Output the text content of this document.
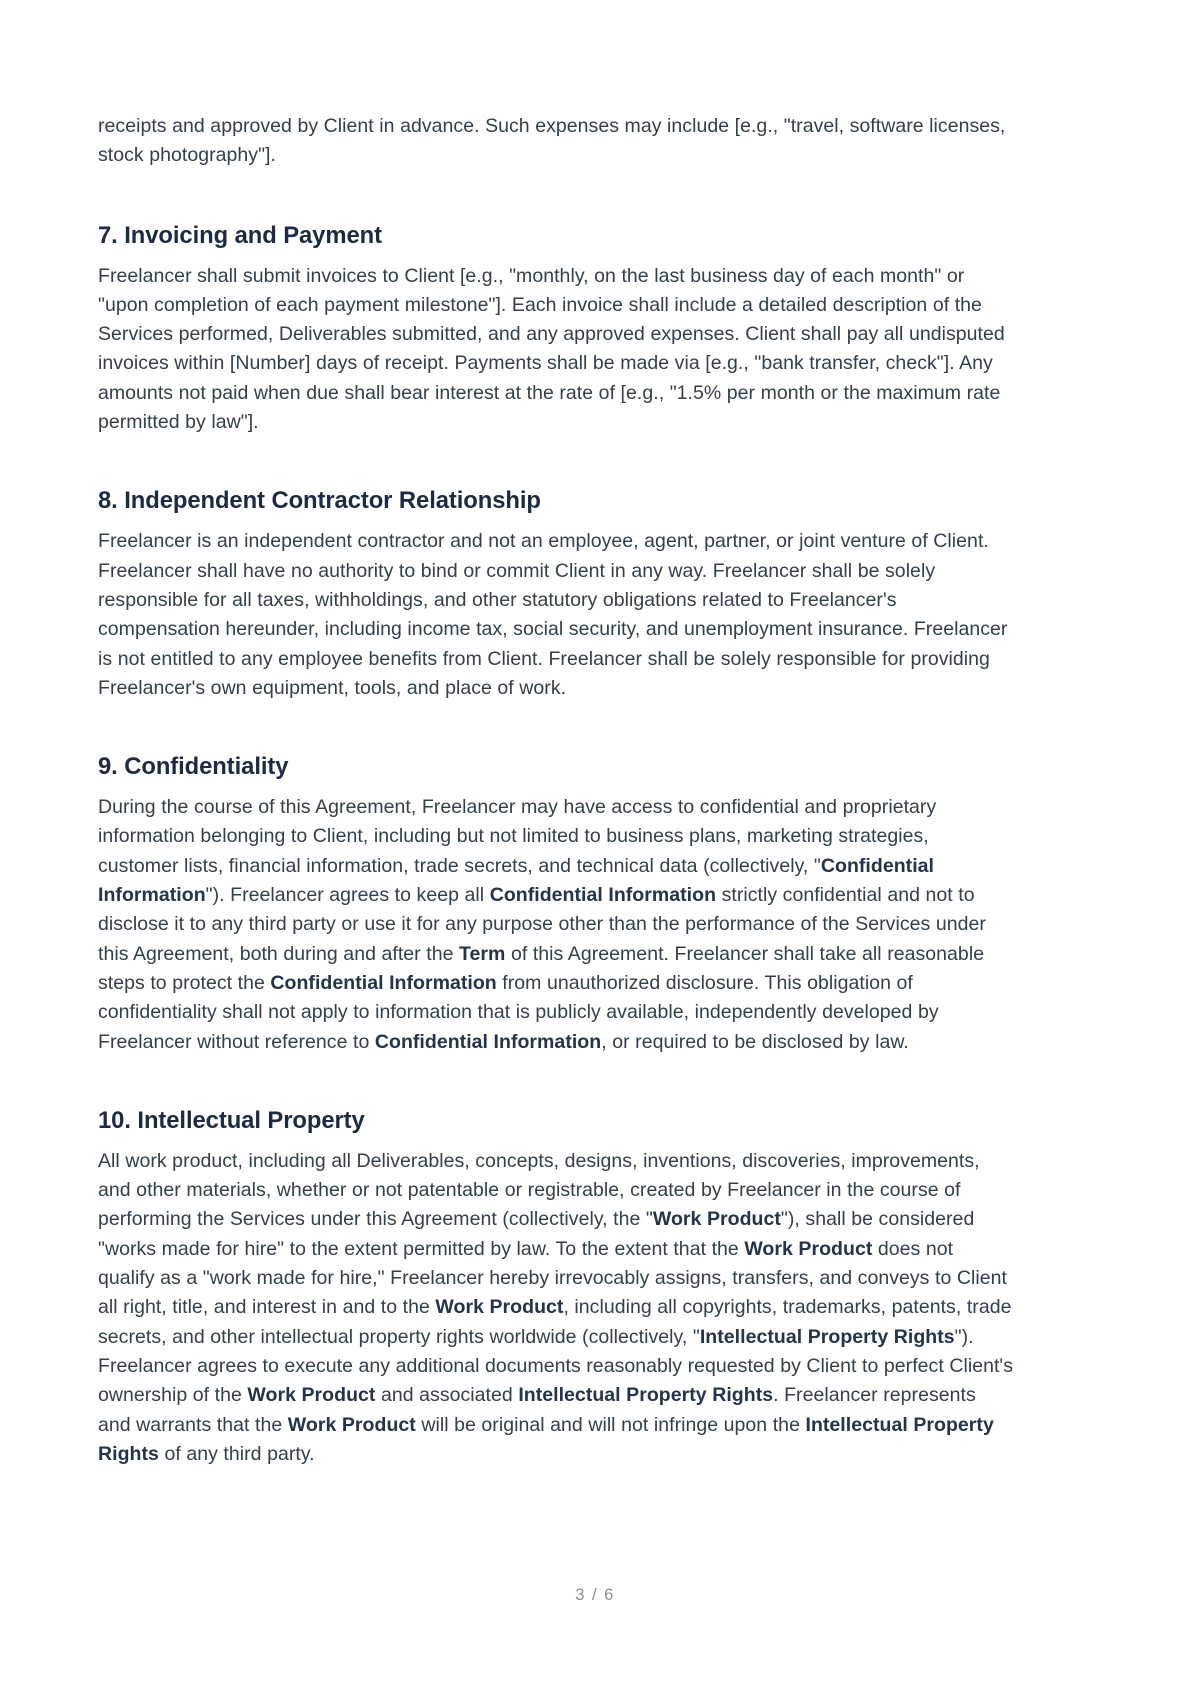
receipts and approved by Client in advance. Such expenses may include [e.g., "travel, software licenses, stock photography"].

7. Invoicing and Payment

Freelancer shall submit invoices to Client [e.g., "monthly, on the last business day of each month" or "upon completion of each payment milestone"]. Each invoice shall include a detailed description of the Services performed, Deliverables submitted, and any approved expenses. Client shall pay all undisputed invoices within [Number] days of receipt. Payments shall be made via [e.g., "bank transfer, check"]. Any amounts not paid when due shall bear interest at the rate of [e.g., "1.5% per month or the maximum rate permitted by law"].

8. Independent Contractor Relationship

Freelancer is an independent contractor and not an employee, agent, partner, or joint venture of Client. Freelancer shall have no authority to bind or commit Client in any way. Freelancer shall be solely responsible for all taxes, withholdings, and other statutory obligations related to Freelancer's compensation hereunder, including income tax, social security, and unemployment insurance. Freelancer is not entitled to any employee benefits from Client. Freelancer shall be solely responsible for providing Freelancer's own equipment, tools, and place of work.

9. Confidentiality

During the course of this Agreement, Freelancer may have access to confidential and proprietary information belonging to Client, including but not limited to business plans, marketing strategies, customer lists, financial information, trade secrets, and technical data (collectively, "Confidential Information"). Freelancer agrees to keep all Confidential Information strictly confidential and not to disclose it to any third party or use it for any purpose other than the performance of the Services under this Agreement, both during and after the Term of this Agreement. Freelancer shall take all reasonable steps to protect the Confidential Information from unauthorized disclosure. This obligation of confidentiality shall not apply to information that is publicly available, independently developed by Freelancer without reference to Confidential Information, or required to be disclosed by law.

10. Intellectual Property

All work product, including all Deliverables, concepts, designs, inventions, discoveries, improvements, and other materials, whether or not patentable or registrable, created by Freelancer in the course of performing the Services under this Agreement (collectively, the "Work Product"), shall be considered "works made for hire" to the extent permitted by law. To the extent that the Work Product does not qualify as a "work made for hire," Freelancer hereby irrevocably assigns, transfers, and conveys to Client all right, title, and interest in and to the Work Product, including all copyrights, trademarks, patents, trade secrets, and other intellectual property rights worldwide (collectively, "Intellectual Property Rights"). Freelancer agrees to execute any additional documents reasonably requested by Client to perfect Client's ownership of the Work Product and associated Intellectual Property Rights. Freelancer represents and warrants that the Work Product will be original and will not infringe upon the Intellectual Property Rights of any third party.

3 / 6
